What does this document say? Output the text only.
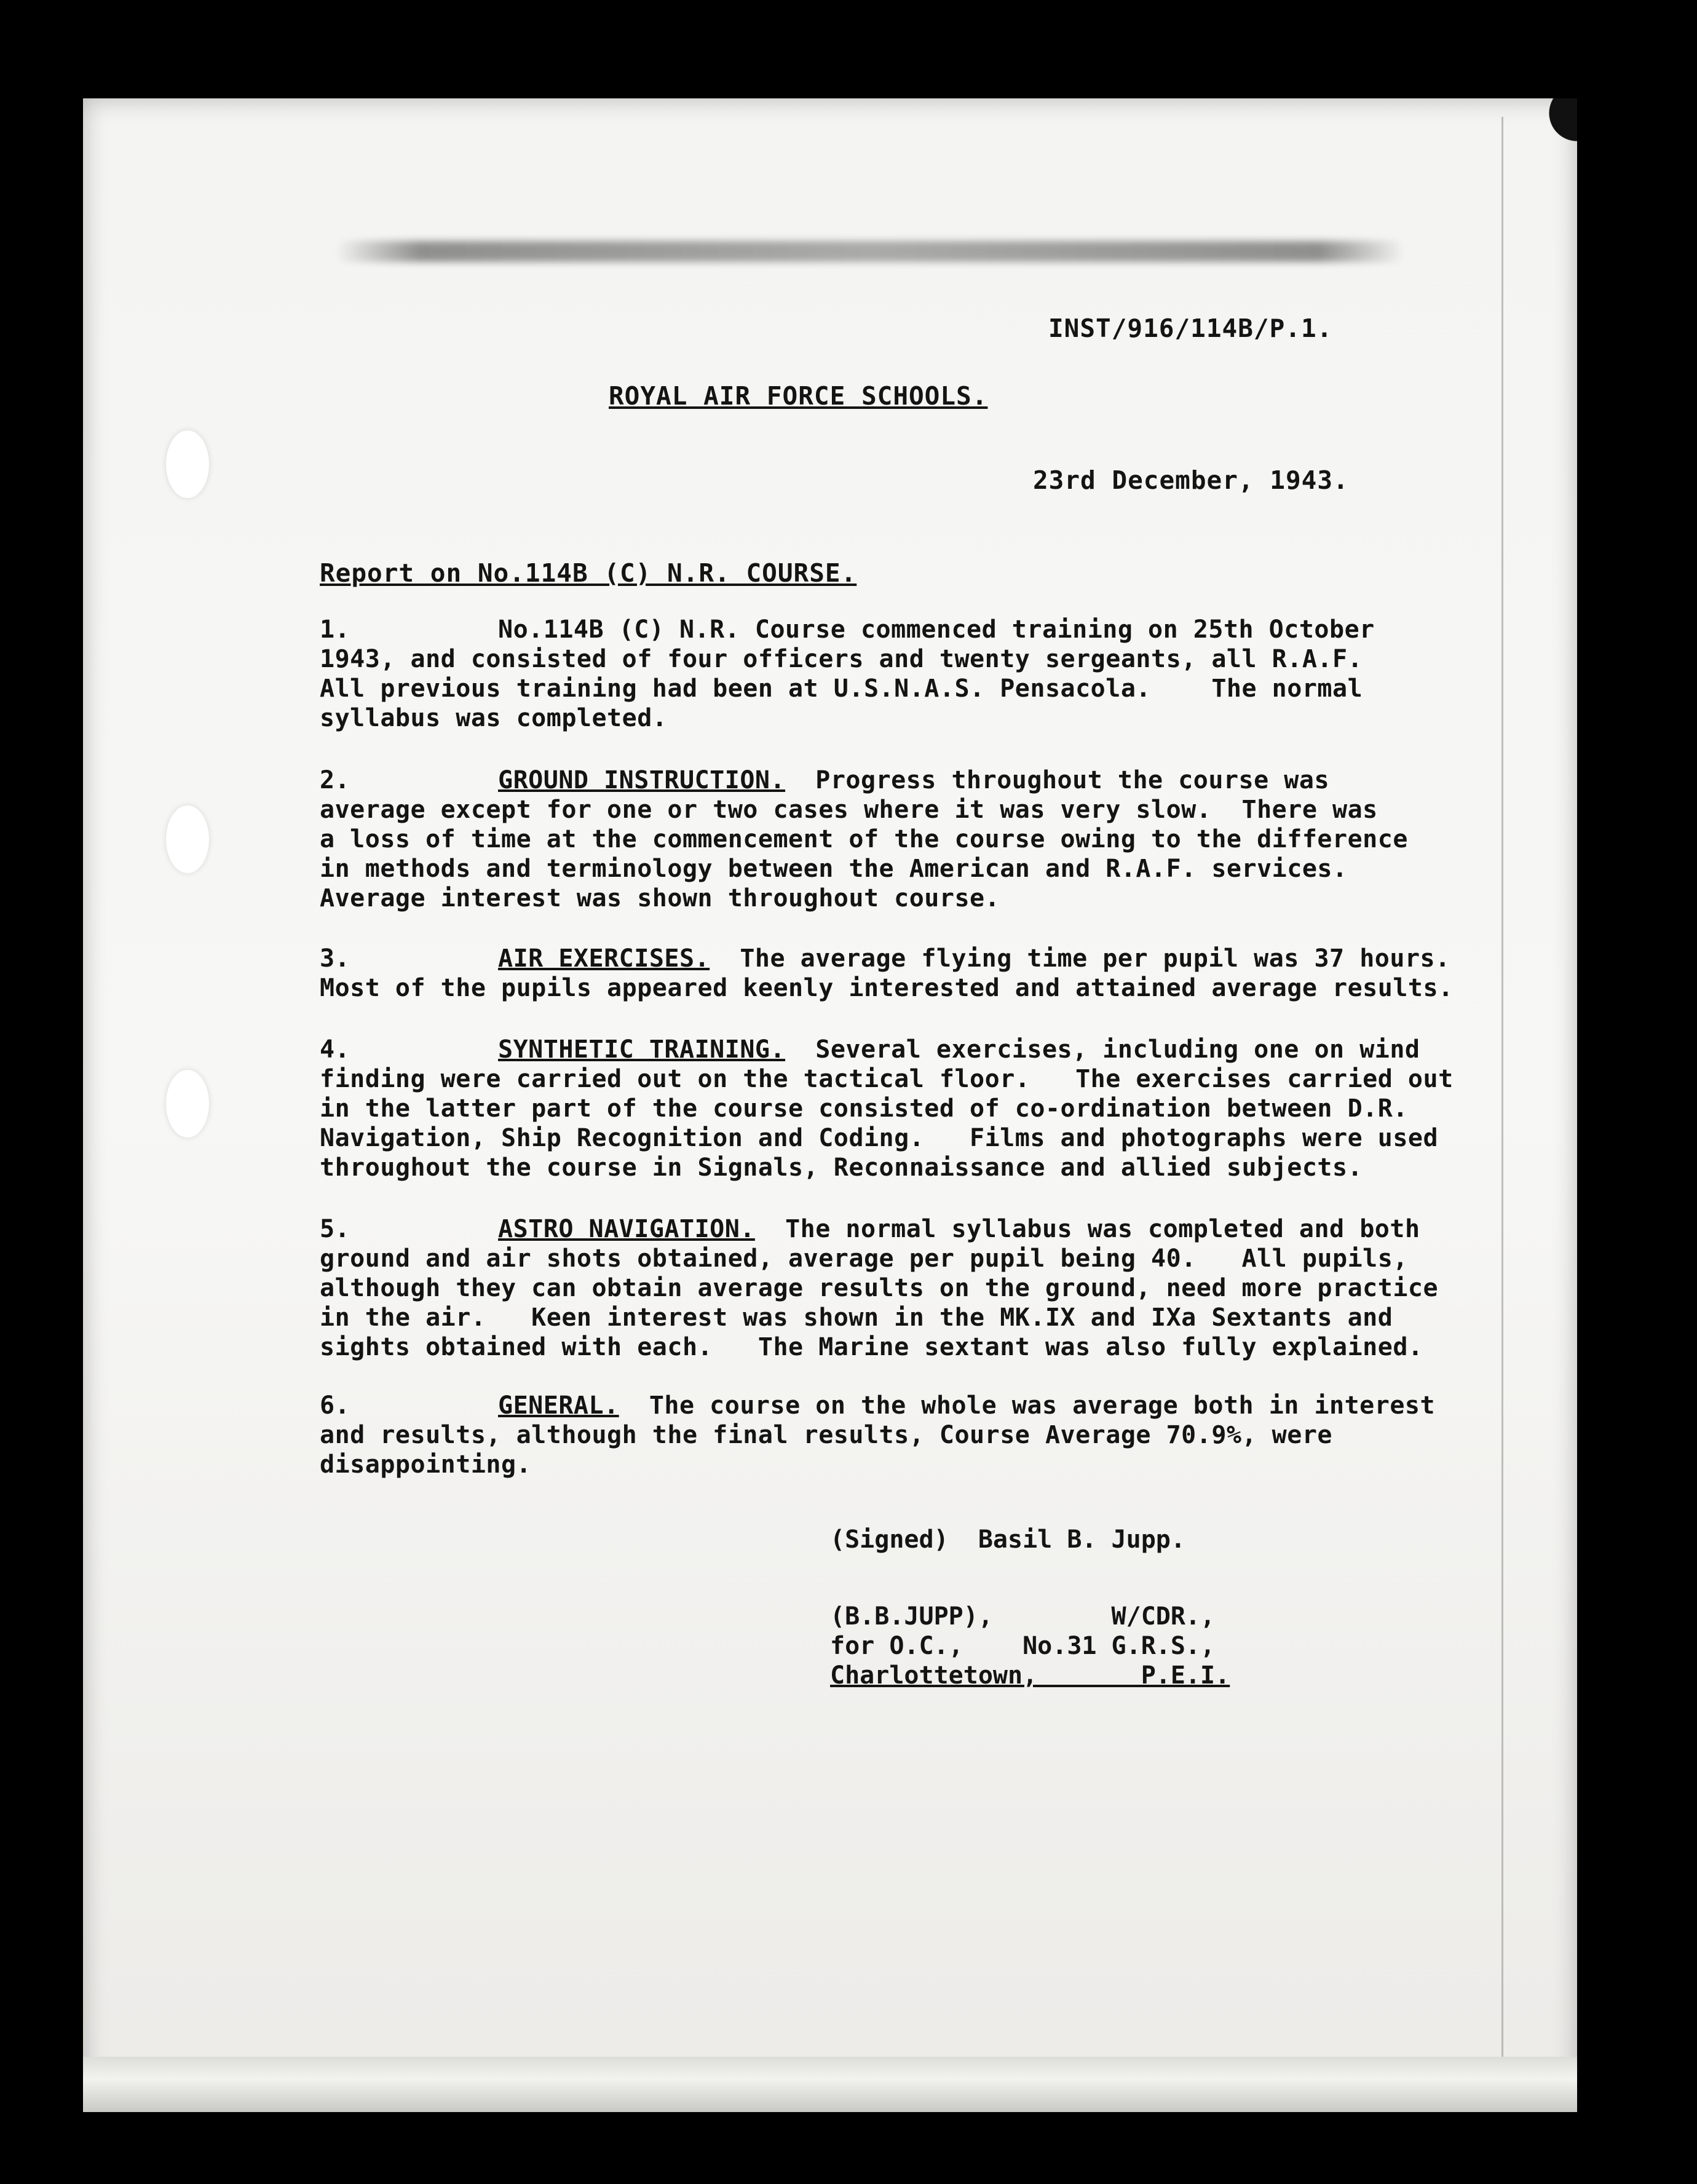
INST/916/114B/P.1.
ROYAL AIR FORCE SCHOOLS.
23rd December, 1943.
Report on No.114B (C) N.R. COURSE.
1.	No.114B (C) N.R. Course commenced training on 25th October
1943, and consisted of four officers and twenty sergeants, all R.A.F.
All previous training had been at U.S.N.A.S. Pensacola.    The normal
syllabus was completed.
2.	GROUND INSTRUCTION. Progress throughout the course was
average except for one or two cases where it was very slow.  There was
a loss of time at the commencement of the course owing to the difference
in methods and terminology between the American and R.A.F. services.
Average interest was shown throughout course.
3.	AIR EXERCISES. The average flying time per pupil was 37 hours.
Most of the pupils appeared keenly interested and attained average results.
4.	SYNTHETIC TRAINING. Several exercises, including one on wind
finding were carried out on the tactical floor.   The exercises carried out
in the latter part of the course consisted of co-ordination between D.R.
Navigation, Ship Recognition and Coding.   Films and photographs were used
throughout the course in Signals, Reconnaissance and allied subjects.
5.	ASTRO NAVIGATION. The normal syllabus was completed and both
ground and air shots obtained, average per pupil being 40.   All pupils,
although they can obtain average results on the ground, need more practice
in the air.   Keen interest was shown in the MK.IX and IXa Sextants and
sights obtained with each.   The Marine sextant was also fully explained.
6.	GENERAL. The course on the whole was average both in interest
and results, although the final results, Course Average 70.9%, were
disappointing.
(Signed)  Basil B. Jupp.
(B.B.JUPP),        W/CDR.,
for O.C.,    No.31 G.R.S.,
Charlottetown,       P.E.I.
